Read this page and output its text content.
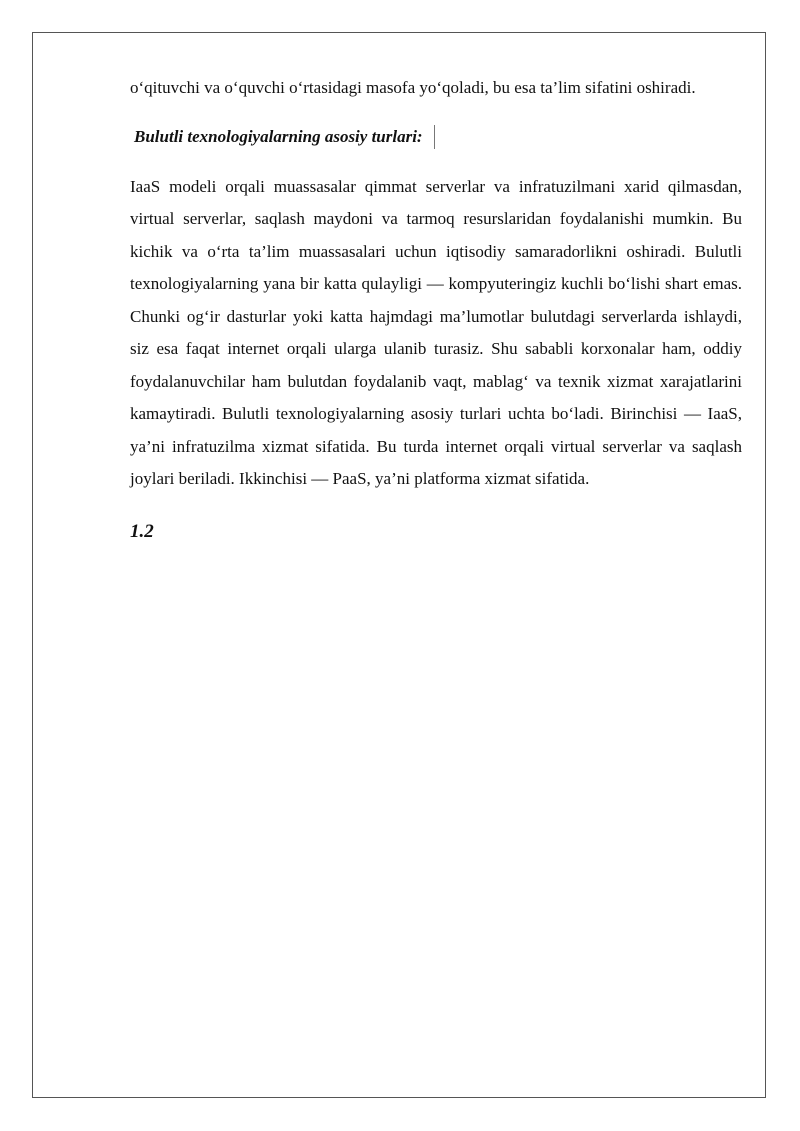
o‘qituvchi va o‘quvchi o‘rtasidagi masofa yo‘qoladi, bu esa ta’lim sifatini oshiradi.

Bulutli texnologiyalarning asosiy turlari:

IaaS modeli orqali muassasalar qimmat serverlar va infratuzilmani xarid qilmasdan, virtual serverlar, saqlash maydoni va tarmoq resurslaridan foydalanishi mumkin. Bu kichik va o‘rta ta’lim muassasalari uchun iqtisodiy samaradorlikni oshiradi. Bulutli texnologiyalarning yana bir katta qulayligi — kompyuteringiz kuchli bo‘lishi shart emas. Chunki og‘ir dasturlar yoki katta hajmdagi ma’lumotlar bulutdagi serverlarda ishlaydi, siz esa faqat internet orqali ularga ulanib turasiz. Shu sababli korxonalar ham, oddiy foydalanuvchilar ham bulutdan foydalanib vaqt, mablag‘ va texnik xizmat xarajatlarini kamaytiradi. Bulutli texnologiyalarning asosiy turlari uchta bo‘ladi. Birinchisi — IaaS, ya’ni infratuzilma xizmat sifatida. Bu turda internet orqali virtual serverlar va saqlash joylari beriladi. Ikkinchisi — PaaS, ya’ni platforma xizmat sifatida.

1.2
